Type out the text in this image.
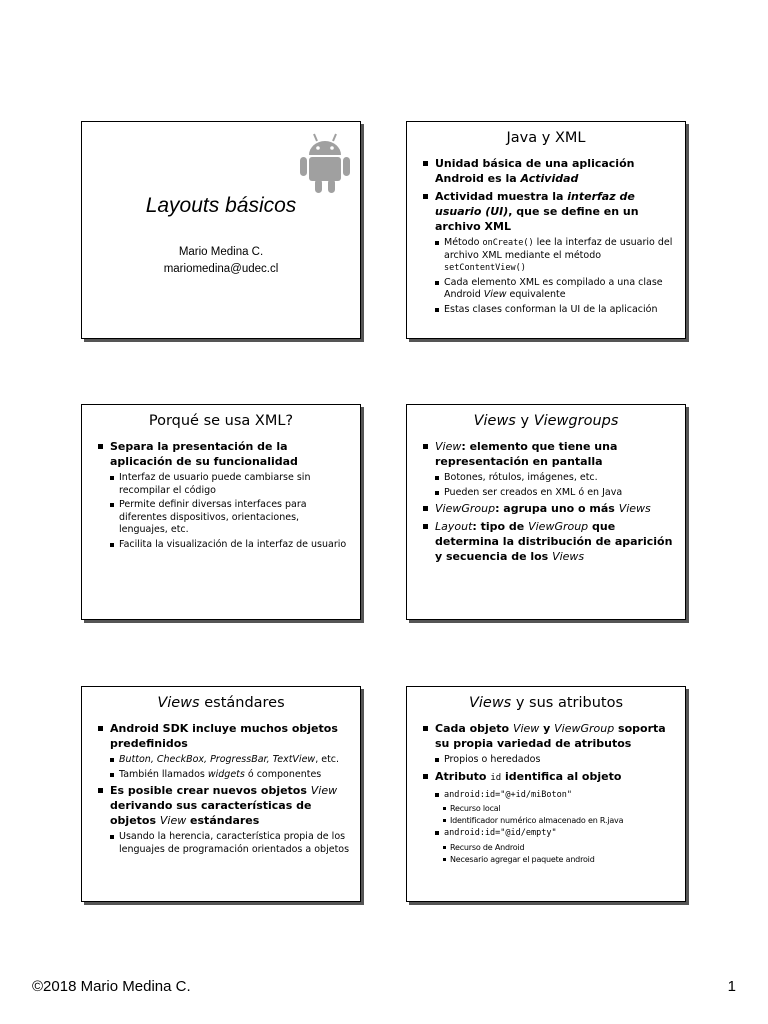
Layouts básicos
Mario Medina C.
mariomedina@udec.cl
Java y XML
Unidad básica de una aplicación Android es la Actividad
Actividad muestra la interfaz de usuario (UI), que se define en un archivo XML
Método onCreate() lee la interfaz de usuario del archivo XML mediante el método setContentView()
Cada elemento XML es compilado a una clase Android View equivalente
Estas clases conforman la UI de la aplicación
Porqué se usa XML?
Separa la presentación de la aplicación de su funcionalidad
Interfaz de usuario puede cambiarse sin recompilar el código
Permite definir diversas interfaces para diferentes dispositivos, orientaciones, lenguajes, etc.
Facilita la visualización de la interfaz de usuario
Views y Viewgroups
View: elemento que tiene una representación en pantalla
Botones, rótulos, imágenes, etc.
Pueden ser creados en XML ó en Java
ViewGroup: agrupa uno o más Views
Layout: tipo de ViewGroup que determina la distribución de aparición y secuencia de los Views
Views estándares
Android SDK incluye muchos objetos predefinidos
Button, CheckBox, ProgressBar, TextView, etc.
También llamados widgets ó componentes
Es posible crear nuevos objetos View derivando sus características de objetos View estándares
Usando la herencia, característica propia de los lenguajes de programación orientados a objetos
Views y sus atributos
Cada objeto View y ViewGroup soporta su propia variedad de atributos
Propios o heredados
Atributo id identifica al objeto
android:id="@+id/miBoton"
Recurso local
Identificador numérico almacenado en R.java
android:id="@id/empty"
Recurso de Android
Necesario agregar el paquete android
©2018 Mario Medina C.	1
